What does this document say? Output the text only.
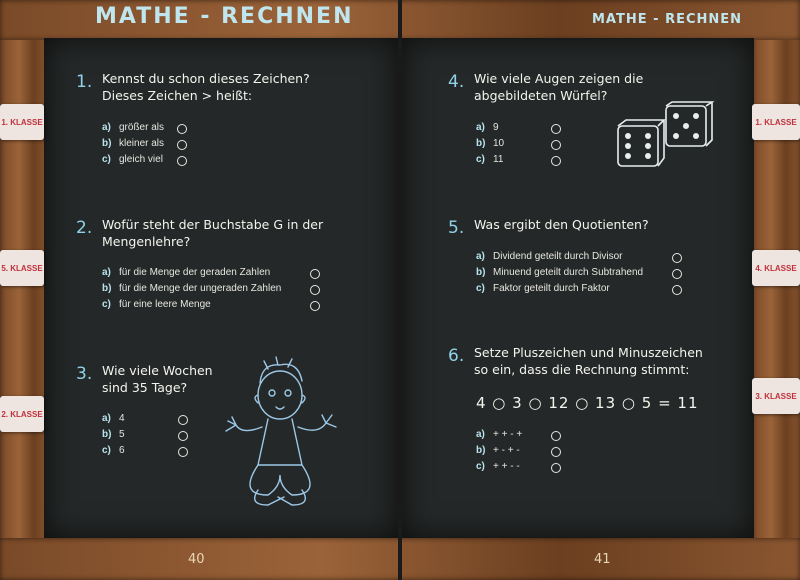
MATHE - RECHNEN	MATHE - RECHNEN
1. KLASSE
5. KLASSE
2. KLASSE
1. KLASSE
4. KLASSE
3. KLASSE
1. Kennst du schon dieses Zeichen?
Dieses Zeichen > heißt:
a) größer als
b) kleiner als
c) gleich viel
2. Wofür steht der Buchstabe G in der
Mengenlehre?
a) für die Menge der geraden Zahlen
b) für die Menge der ungeraden Zahlen
c) für eine leere Menge
3. Wie viele Wochen
sind 35 Tage?
a) 4
b) 5
c) 6
4. Wie viele Augen zeigen die
abgebildeten Würfel?
a) 9
b) 10
c) 11
5. Was ergibt den Quotienten?
a) Dividend geteilt durch Divisor
b) Minuend geteilt durch Subtrahend
c) Faktor geteilt durch Faktor
6. Setze Pluszeichen und Minuszeichen
so ein, dass die Rechnung stimmt:
4 ○ 3 ○ 12 ○ 13 ○ 5 = 11
a) + + - +
b) + - + -
c) + + - -
40	41
